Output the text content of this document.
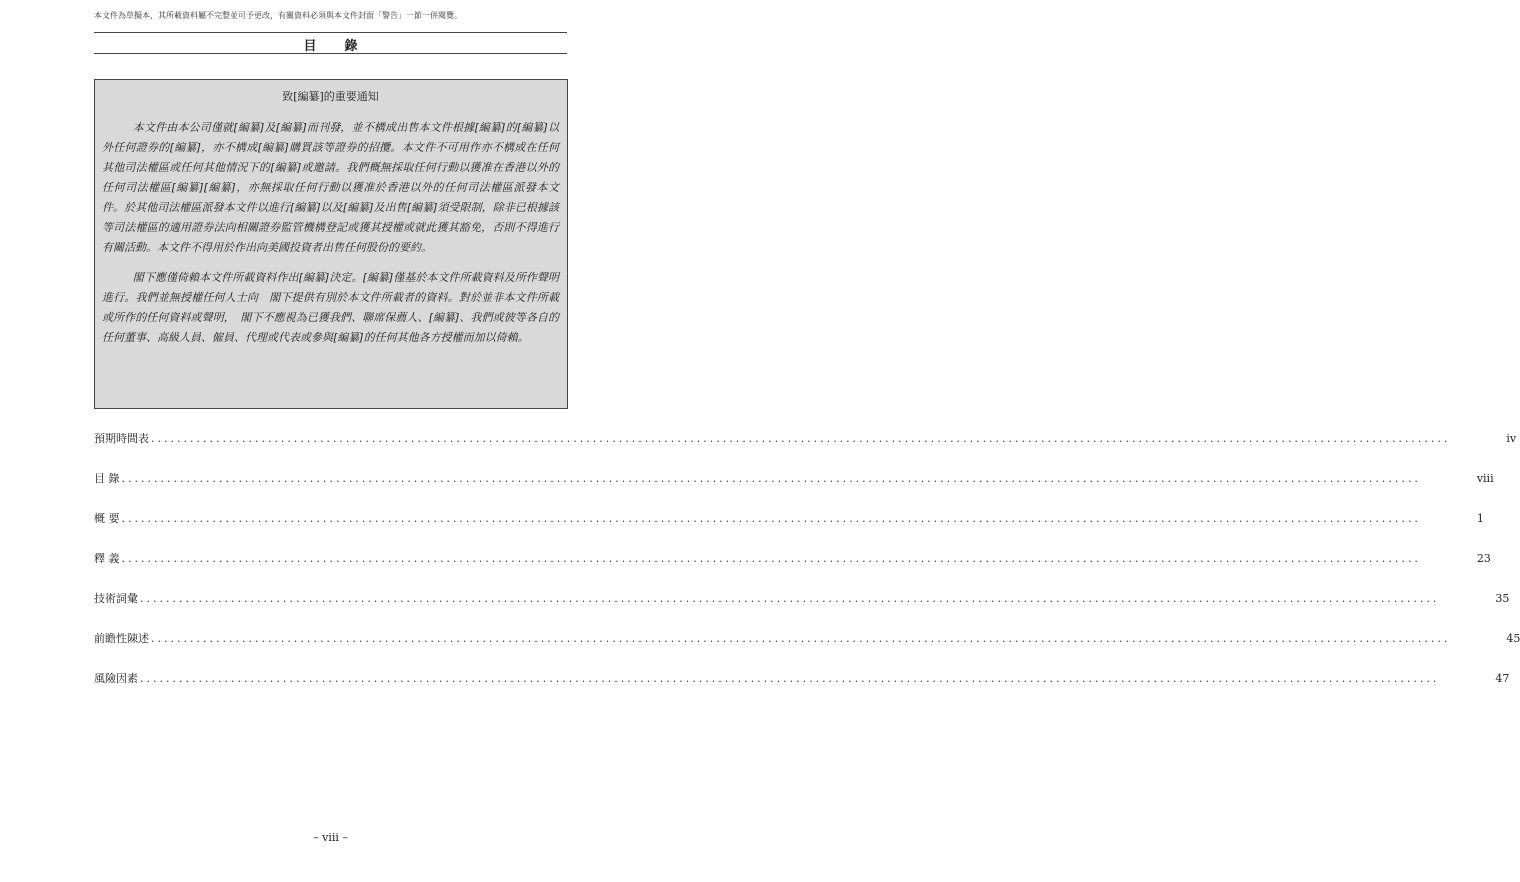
本文件為草擬本，其所載資料屬不完整並可予更改，有關資料必須與本文件封面「警告」一節一併閱覽。
目 錄

致[編纂]的重要通知

本文件由本公司僅就[編纂]及[編纂]而刊發，並不構成出售本文件根據[編纂]的[編纂]以外任何證券的[編纂]，亦不構成[編纂]購買該等證券的招攬。本文件不可用作亦不構成在任何其他司法權區或任何其他情況下的[編纂]或邀請。我們概無採取任何行動以獲准在香港以外的任何司法權區[編纂][編纂]，亦無採取任何行動以獲准於香港以外的任何司法權區派發本文件。於其他司法權區派發本文件以進行[編纂]以及[編纂]及出售[編纂]須受限制，除非已根據該等司法權區的適用證券法向相關證券監管機構登記或獲其授權或就此獲其豁免，否則不得進行有關活動。本文件不得用於作出向美國投資者出售任何股份的要約。

閣下應僅倚賴本文件所載資料作出[編纂]決定。[編纂]僅基於本文件所載資料及所作聲明進行。我們並無授權任何人士向　閣下提供有別於本文件所載者的資料。對於並非本文件所載或所作的任何資料或聲明，　閣下不應視為已獲我們、聯席保薦人、[編纂]、我們或彼等各自的任何董事、高級人員、僱員、代理或代表或參與[編纂]的任何其他各方授權而加以倚賴。

預期時間表 ........................................................................................................................................................................................................	iv
目 錄 ........................................................................................................................................................................................................	viii
概 要 ........................................................................................................................................................................................................	1
釋 義 ........................................................................................................................................................................................................	23
技術詞彙 ........................................................................................................................................................................................................	35
前瞻性陳述 ........................................................................................................................................................................................................	45
風險因素 ........................................................................................................................................................................................................	47
– viii –
